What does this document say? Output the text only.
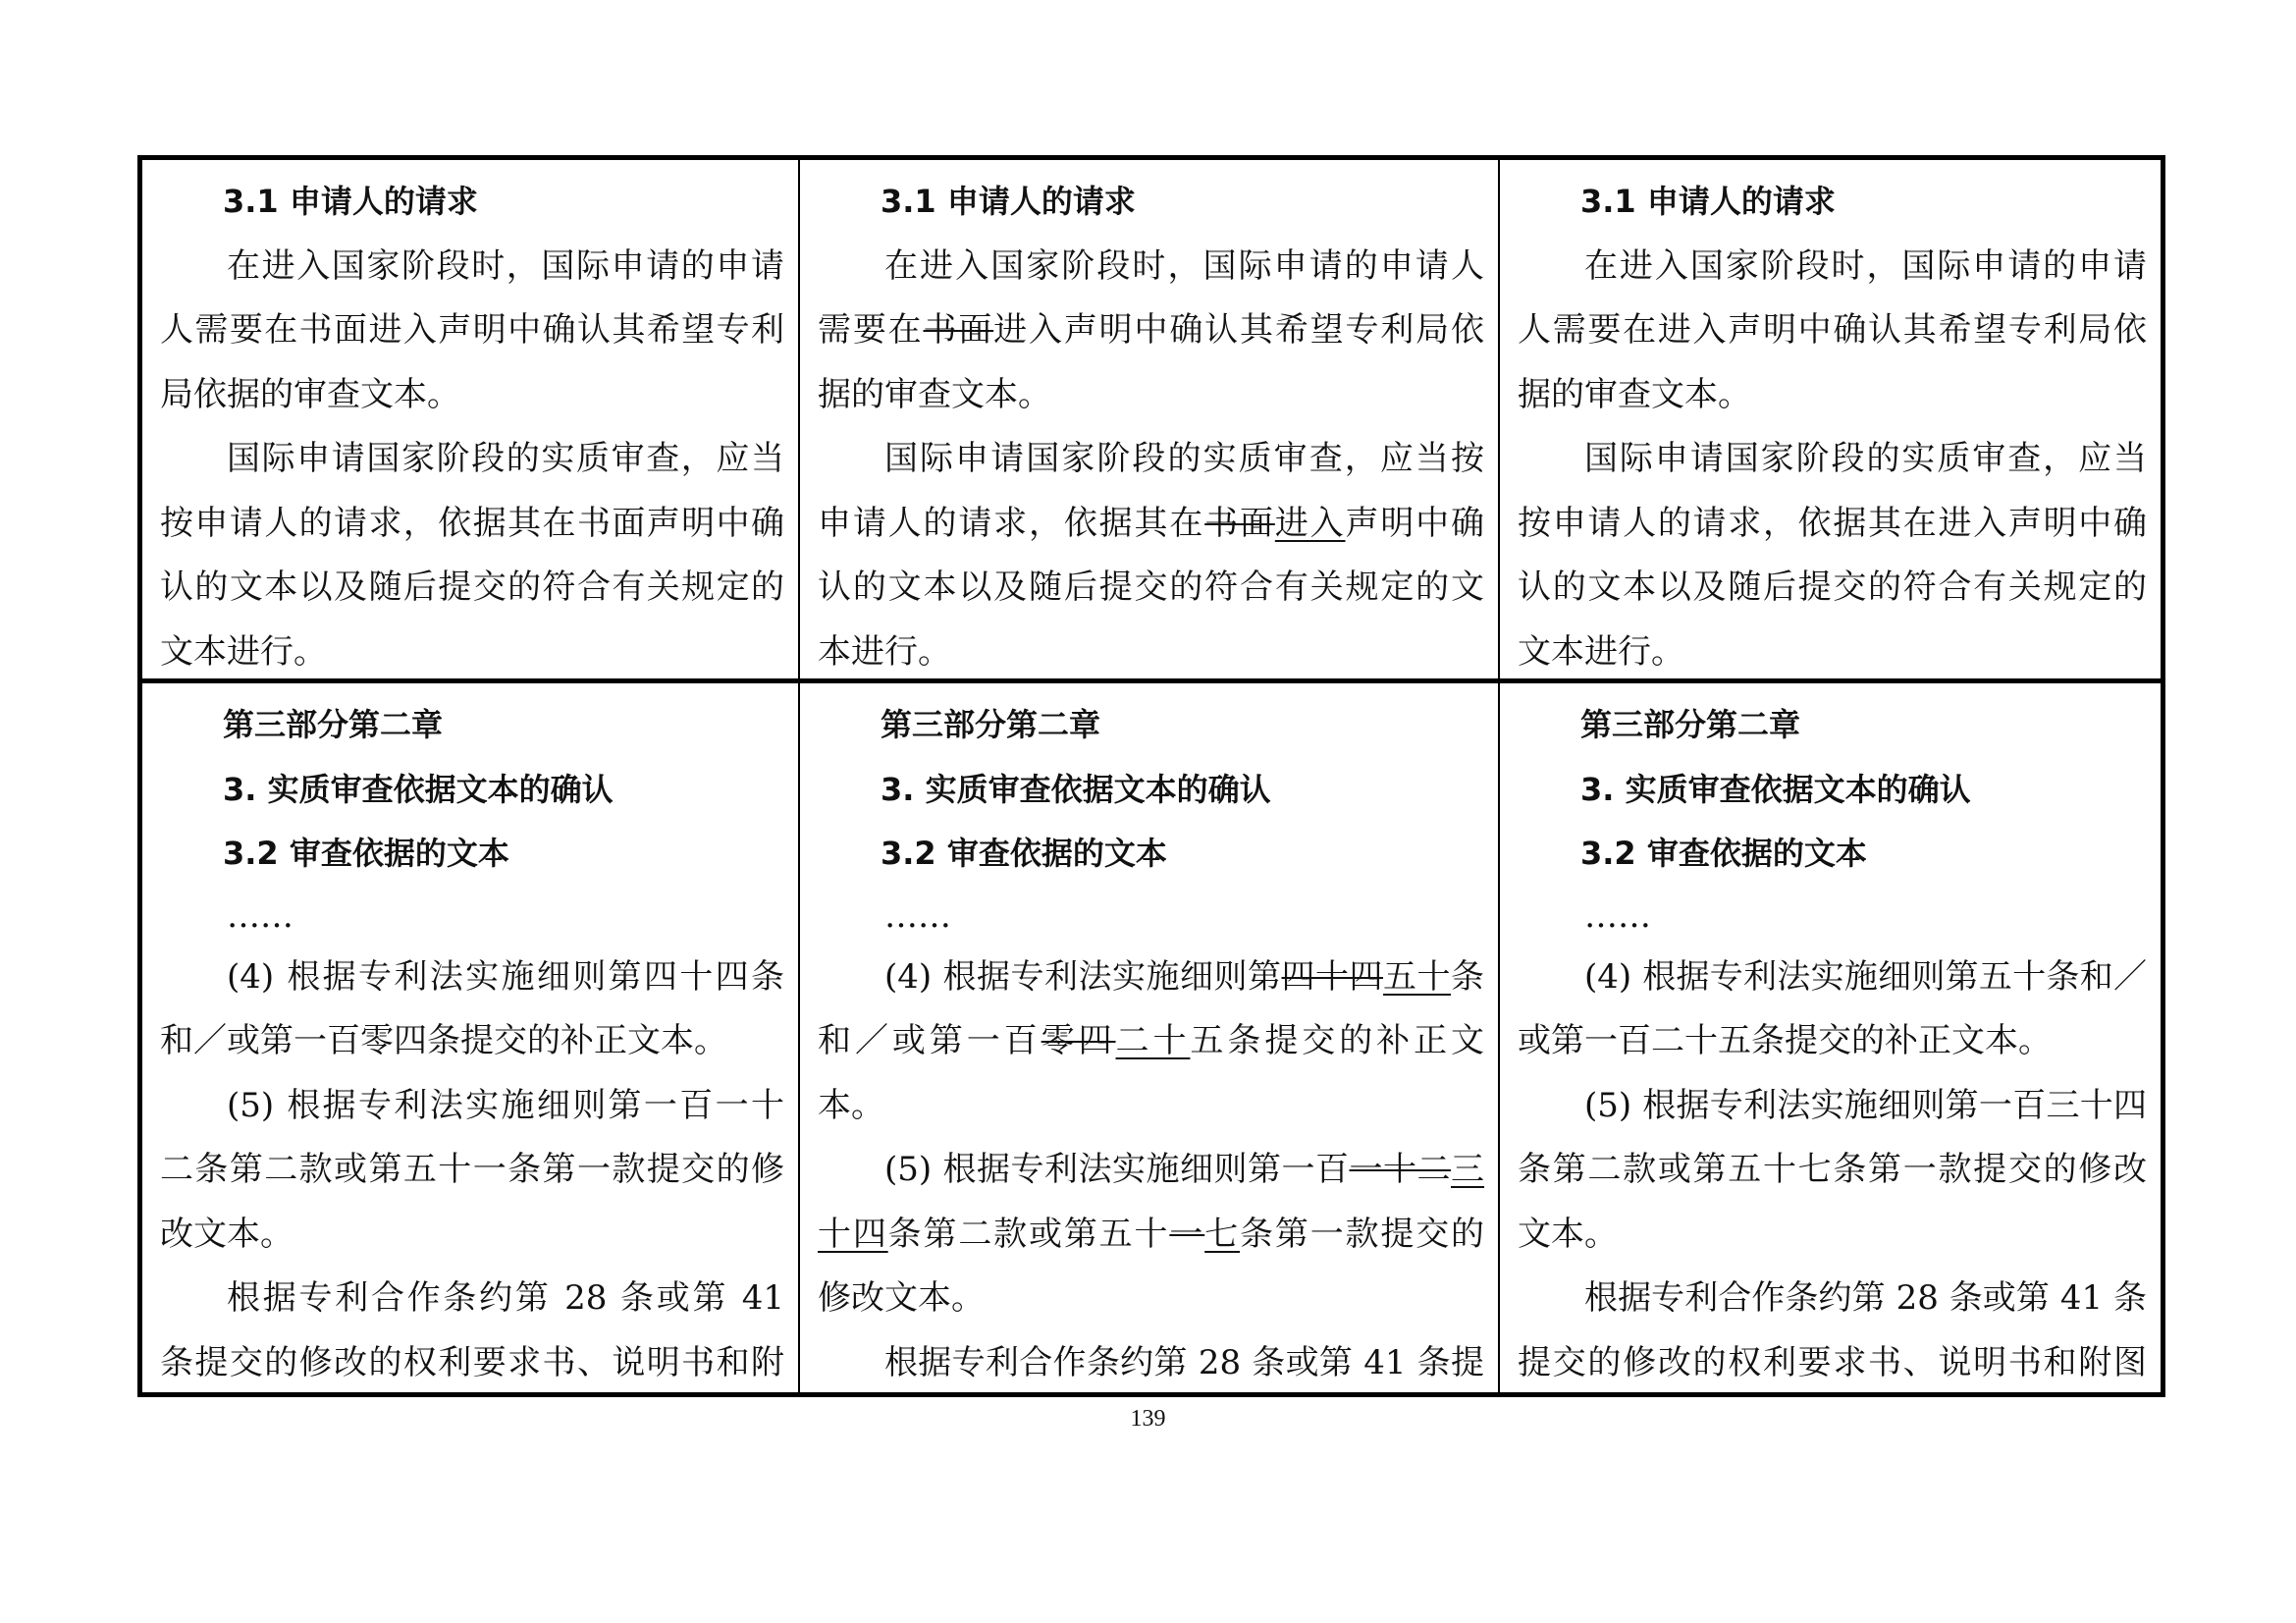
3.1 申请人的请求

在进入国家阶段时，国际申请的申请人需要在书面进入声明中确认其希望专利局依据的审查文本。

国际申请国家阶段的实质审查，应当按申请人的请求，依据其在书面声明中确认的文本以及随后提交的符合有关规定的文本进行。

3.1 申请人的请求

在进入国家阶段时，国际申请的申请人需要在书面进入声明中确认其希望专利局依据的审查文本。

国际申请国家阶段的实质审查，应当按申请人的请求，依据其在书面进入声明中确认的文本以及随后提交的符合有关规定的文本进行。

3.1 申请人的请求

在进入国家阶段时，国际申请的申请人需要在进入声明中确认其希望专利局依据的审查文本。

国际申请国家阶段的实质审查，应当按申请人的请求，依据其在进入声明中确认的文本以及随后提交的符合有关规定的文本进行。

第三部分第二章

3. 实质审查依据文本的确认

3.2 审查依据的文本

……

(4) 根据专利法实施细则第四十四条和／或第一百零四条提交的补正文本。

(5) 根据专利法实施细则第一百一十二条第二款或第五十一条第一款提交的修改文本。

根据专利合作条约第 28 条或第 41 条提交的修改的权利要求书、说明书和附

第三部分第二章

3. 实质审查依据文本的确认

3.2 审查依据的文本

……

(4) 根据专利法实施细则第四十四五十条和／或第一百零四二十五条提交的补正文本。

(5) 根据专利法实施细则第一百一十二三十四条第二款或第五十一七条第一款提交的修改文本。

根据专利合作条约第 28 条或第 41 条提

第三部分第二章

3. 实质审查依据文本的确认

3.2 审查依据的文本

……

(4) 根据专利法实施细则第五十条和／或第一百二十五条提交的补正文本。

(5) 根据专利法实施细则第一百三十四条第二款或第五十七条第一款提交的修改文本。

根据专利合作条约第 28 条或第 41 条提交的修改的权利要求书、说明书和附图

139
